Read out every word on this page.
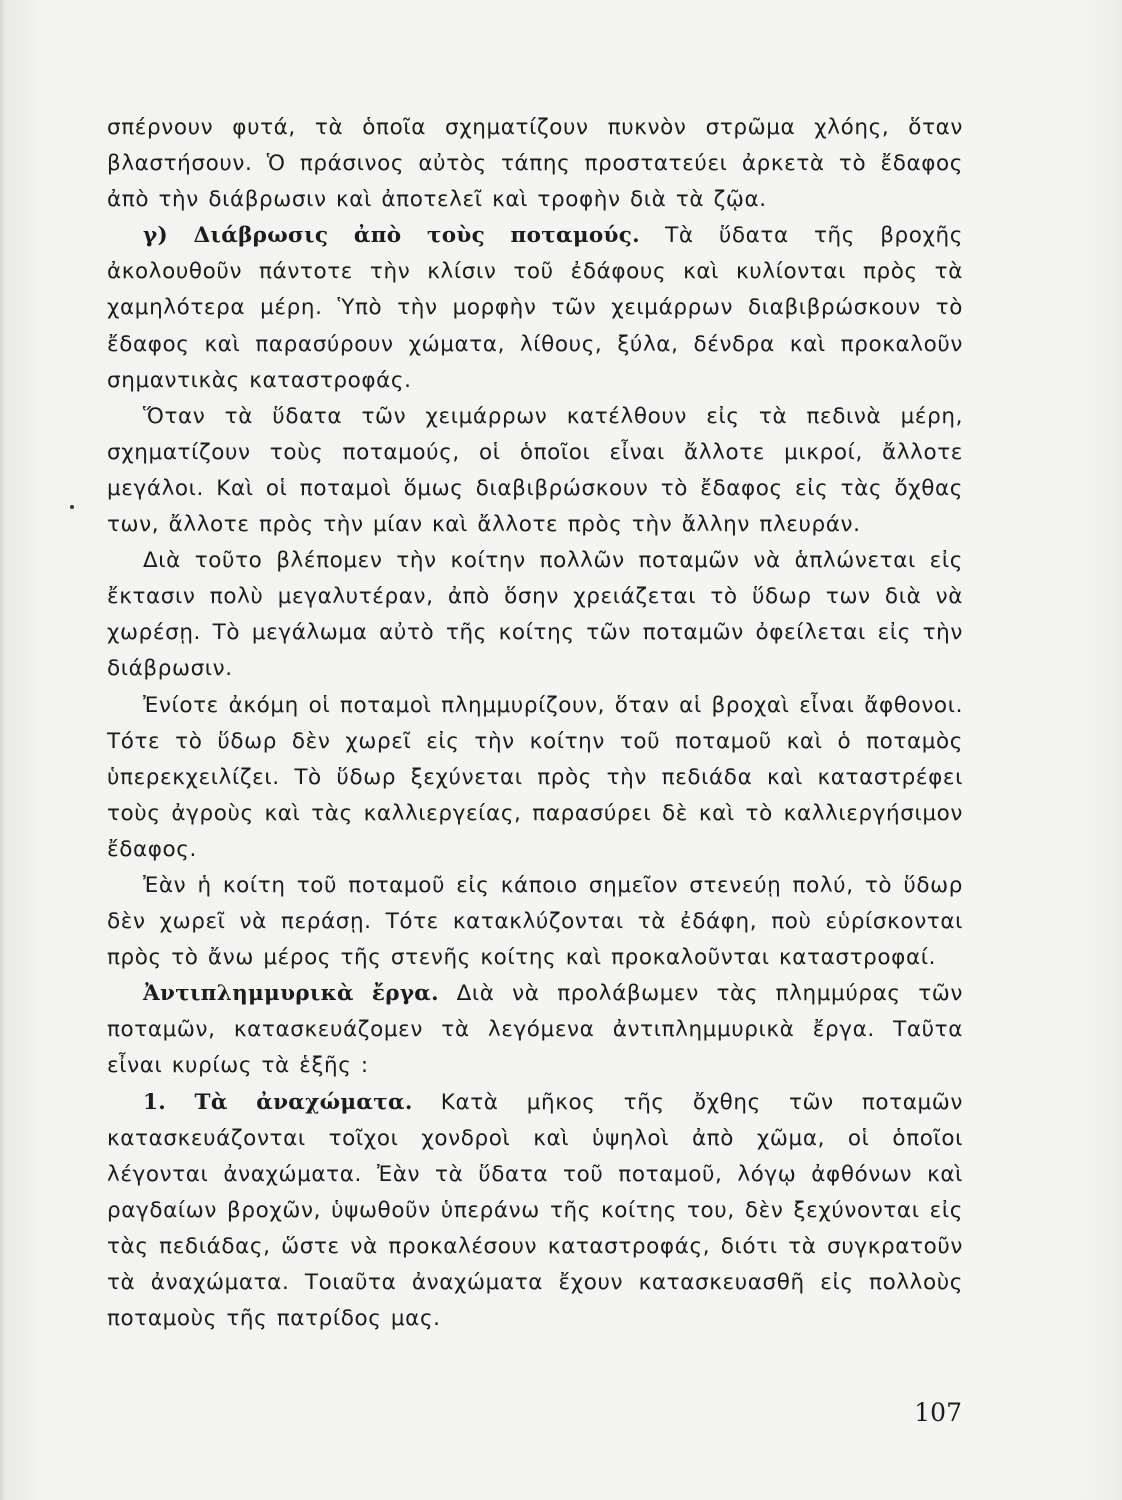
σπέρνουν φυτά, τὰ ὁποῖα σχηματίζουν πυκνὸν στρῶμα χλόης, ὅταν βλαστήσουν. Ὁ πράσινος αὐτὸς τάπης προστατεύει ἀρκετὰ τὸ ἔδαφος ἀπὸ τὴν διάβρωσιν καὶ ἀποτελεῖ καὶ τροφὴν διὰ τὰ ζῷα.

γ) Διάβρωσις ἀπὸ τοὺς ποταμούς. Τὰ ὕδατα τῆς βροχῆς ἀκολουθοῦν πάντοτε τὴν κλίσιν τοῦ ἐδάφους καὶ κυλίονται πρὸς τὰ χαμηλότερα μέρη. Ὑπὸ τὴν μορφὴν τῶν χειμάρρων διαβιβρώσκουν τὸ ἔδαφος καὶ παρασύρουν χώματα, λίθους, ξύλα, δένδρα καὶ προκαλοῦν σημαντικὰς καταστροφάς.

Ὅταν τὰ ὕδατα τῶν χειμάρρων κατέλθουν εἰς τὰ πεδινὰ μέρη, σχηματίζουν τοὺς ποταμούς, οἱ ὁποῖοι εἶναι ἄλλοτε μικροί, ἄλλοτε μεγάλοι. Καὶ οἱ ποταμοὶ ὅμως διαβιβρώσκουν τὸ ἔδαφος εἰς τὰς ὄχθας των, ἄλλοτε πρὸς τὴν μίαν καὶ ἄλλοτε πρὸς τὴν ἄλλην πλευράν.

Διὰ τοῦτο βλέπομεν τὴν κοίτην πολλῶν ποταμῶν νὰ ἁπλώνεται εἰς ἔκτασιν πολὺ μεγαλυτέραν, ἀπὸ ὅσην χρειάζεται τὸ ὕδωρ των διὰ νὰ χωρέσῃ. Τὸ μεγάλωμα αὐτὸ τῆς κοίτης τῶν ποταμῶν ὀφείλεται εἰς τὴν διάβρωσιν.

Ἐνίοτε ἀκόμη οἱ ποταμοὶ πλημμυρίζουν, ὅταν αἱ βροχαὶ εἶναι ἄφθονοι. Τότε τὸ ὕδωρ δὲν χωρεῖ εἰς τὴν κοίτην τοῦ ποταμοῦ καὶ ὁ ποταμὸς ὑπερεκχειλίζει. Τὸ ὕδωρ ξεχύνεται πρὸς τὴν πεδιάδα καὶ καταστρέφει τοὺς ἀγροὺς καὶ τὰς καλλιεργείας, παρασύρει δὲ καὶ τὸ καλλιεργήσιμον ἔδαφος.

Ἐὰν ἡ κοίτη τοῦ ποταμοῦ εἰς κάποιο σημεῖον στενεύῃ πολύ, τὸ ὕδωρ δὲν χωρεῖ νὰ περάσῃ. Τότε κατακλύζονται τὰ ἐδάφη, ποὺ εὑρίσκονται πρὸς τὸ ἄνω μέρος τῆς στενῆς κοίτης καὶ προκαλοῦνται καταστροφαί.

Ἀντιπλημμυρικὰ ἔργα. Διὰ νὰ προλάβωμεν τὰς πλημμύρας τῶν ποταμῶν, κατασκευάζομεν τὰ λεγόμενα ἀντιπλημμυρικὰ ἔργα. Ταῦτα εἶναι κυρίως τὰ ἑξῆς :

1. Τὰ ἀναχώματα. Κατὰ μῆκος τῆς ὄχθης τῶν ποταμῶν κατασκευάζονται τοῖχοι χονδροὶ καὶ ὑψηλοὶ ἀπὸ χῶμα, οἱ ὁποῖοι λέγονται ἀναχώματα. Ἐὰν τὰ ὕδατα τοῦ ποταμοῦ, λόγῳ ἀφθόνων καὶ ραγδαίων βροχῶν, ὑψωθοῦν ὑπεράνω τῆς κοίτης του, δὲν ξεχύνονται εἰς τὰς πεδιάδας, ὥστε νὰ προκαλέσουν καταστροφάς, διότι τὰ συγκρατοῦν τὰ ἀναχώματα. Τοιαῦτα ἀναχώματα ἔχουν κατασκευασθῆ εἰς πολλοὺς ποταμοὺς τῆς πατρίδος μας.

107
